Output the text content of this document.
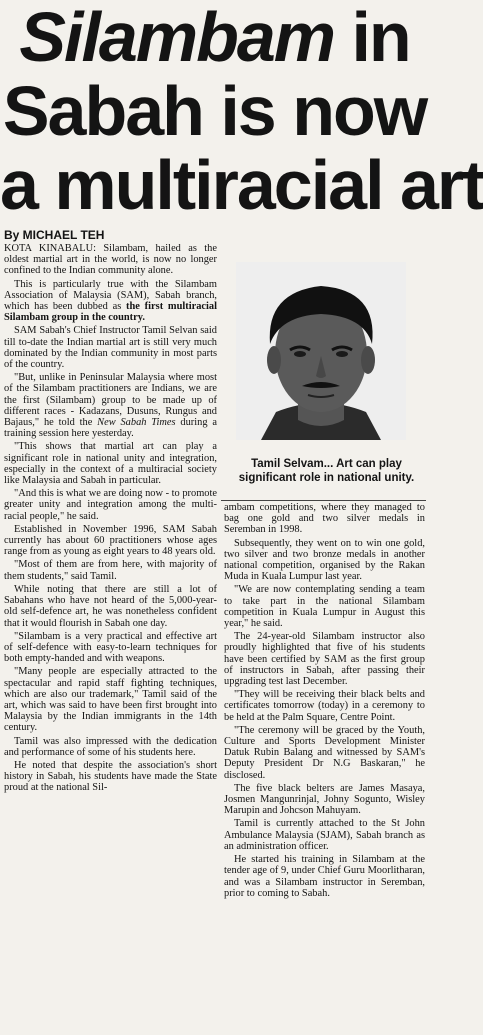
Silambam in
Sabah is now
a multiracial art
By MICHAEL TEH

KOTA KINABALU: Silambam, hailed as the oldest martial art in the world, is now no longer confined to the Indian community alone.

This is particularly true with the Silambam Association of Malaysia (SAM), Sabah branch, which has been dubbed as the first multiracial Silambam group in the country.

SAM Sabah's Chief Instructor Tamil Selvan said till to-date the Indian martial art is still very much dominated by the Indian community in most parts of the country.

"But, unlike in Peninsular Malaysia where most of the Silambam practitioners are Indians, we are the first (Silambam) group to be made up of different races - Kadazans, Dusuns, Rungus and Bajaus," he told the New Sabah Times during a training session here yesterday.

"This shows that martial art can play a significant role in national unity and integration, especially in the context of a multiracial society like Malaysia and Sabah in particular.

"And this is what we are doing now - to promote greater unity and integration among the multi-racial people," he said.

Established in November 1996, SAM Sabah currently has about 60 practitioners whose ages range from as young as eight years to 48 years old.

"Most of them are from here, with majority of them students," said Tamil.

While noting that there are still a lot of Sabahans who have not heard of the 5,000-year-old self-defence art, he was nonetheless confident that it would flourish in Sabah one day.

"Silambam is a very practical and effective art of self-defence with easy-to-learn techniques for both empty-handed and with weapons.

"Many people are especially attracted to the spectacular and rapid staff fighting techniques, which are also our trademark," Tamil said of the art, which was said to have been first brought into Malaysia by the Indian immigrants in the 14th century.

Tamil was also impressed with the dedication and performance of some of his students here.

He noted that despite the association's short history in Sabah, his students have made the State proud at the national Sil-

Tamil Selvam... Art can play significant role in national unity.

ambam competitions, where they managed to bag one gold and two silver medals in Seremban in 1998.

Subsequently, they went on to win one gold, two silver and two bronze medals in another national competition, organised by the Rakan Muda in Kuala Lumpur last year.

"We are now contemplating sending a team to take part in the national Silambam competition in Kuala Lumpur in August this year," he said.

The 24-year-old Silambam instructor also proudly highlighted that five of his students have been certified by SAM as the first group of instructors in Sabah, after passing their upgrading test last December.

"They will be receiving their black belts and certificates tomorrow (today) in a ceremony to be held at the Palm Square, Centre Point.

"The ceremony will be graced by the Youth, Culture and Sports Development Minister Datuk Rubin Balang and witnessed by SAM's Deputy President Dr N.G Baskaran," he disclosed.

The five black belters are James Masaya, Josmen Mangunrinjal, Johny Sogunto, Wisley Marupin and Johcson Mahuyam.

Tamil is currently attached to the St John Ambulance Malaysia (SJAM), Sabah branch as an administration officer.

He started his training in Silambam at the tender age of 9, under Chief Guru Moorlitharan, and was a Silambam instructor in Seremban, prior to coming to Sabah.
